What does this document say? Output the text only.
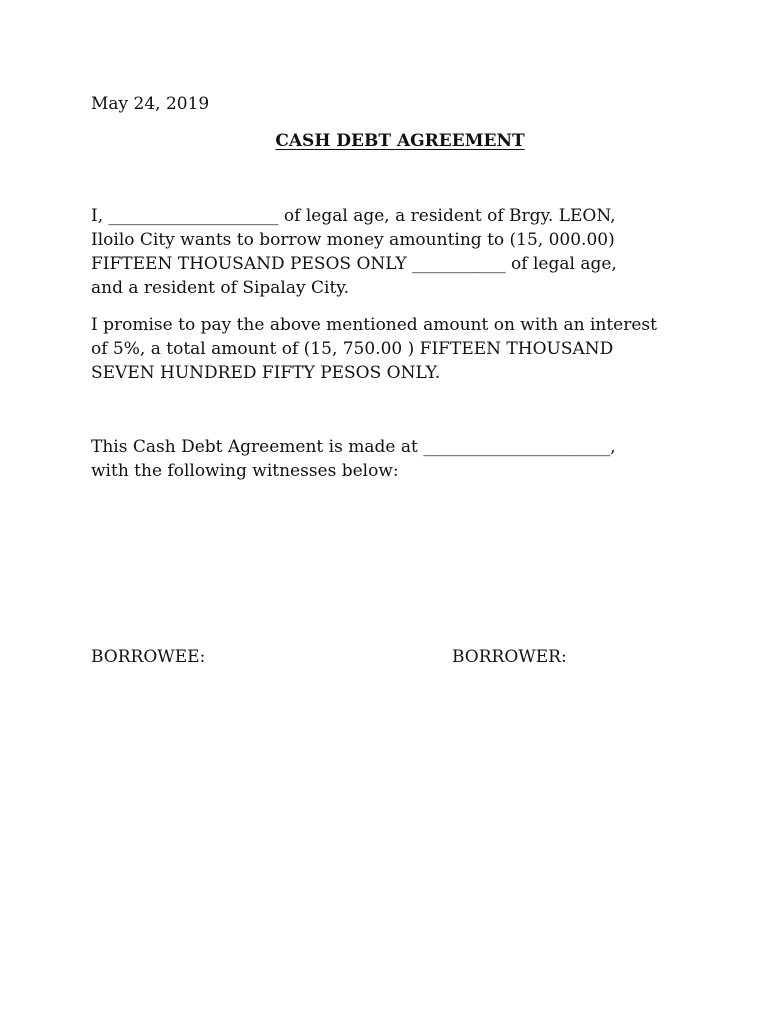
May 24, 2019

CASH DEBT AGREEMENT
I, ____________________ of legal age, a resident of Brgy. LEON,
Iloilo City wants to borrow money amounting to (15, 000.00)
FIFTEEN THOUSAND PESOS ONLY ___________ of legal age,
and a resident of Sipalay City.
I promise to pay the above mentioned amount on with an interest
of 5%, a total amount of (15, 750.00 ) FIFTEEN THOUSAND
SEVEN HUNDRED FIFTY PESOS ONLY.
This Cash Debt Agreement is made at ______________________,
with the following witnesses below:

BORROWEE:	BORROWER:
